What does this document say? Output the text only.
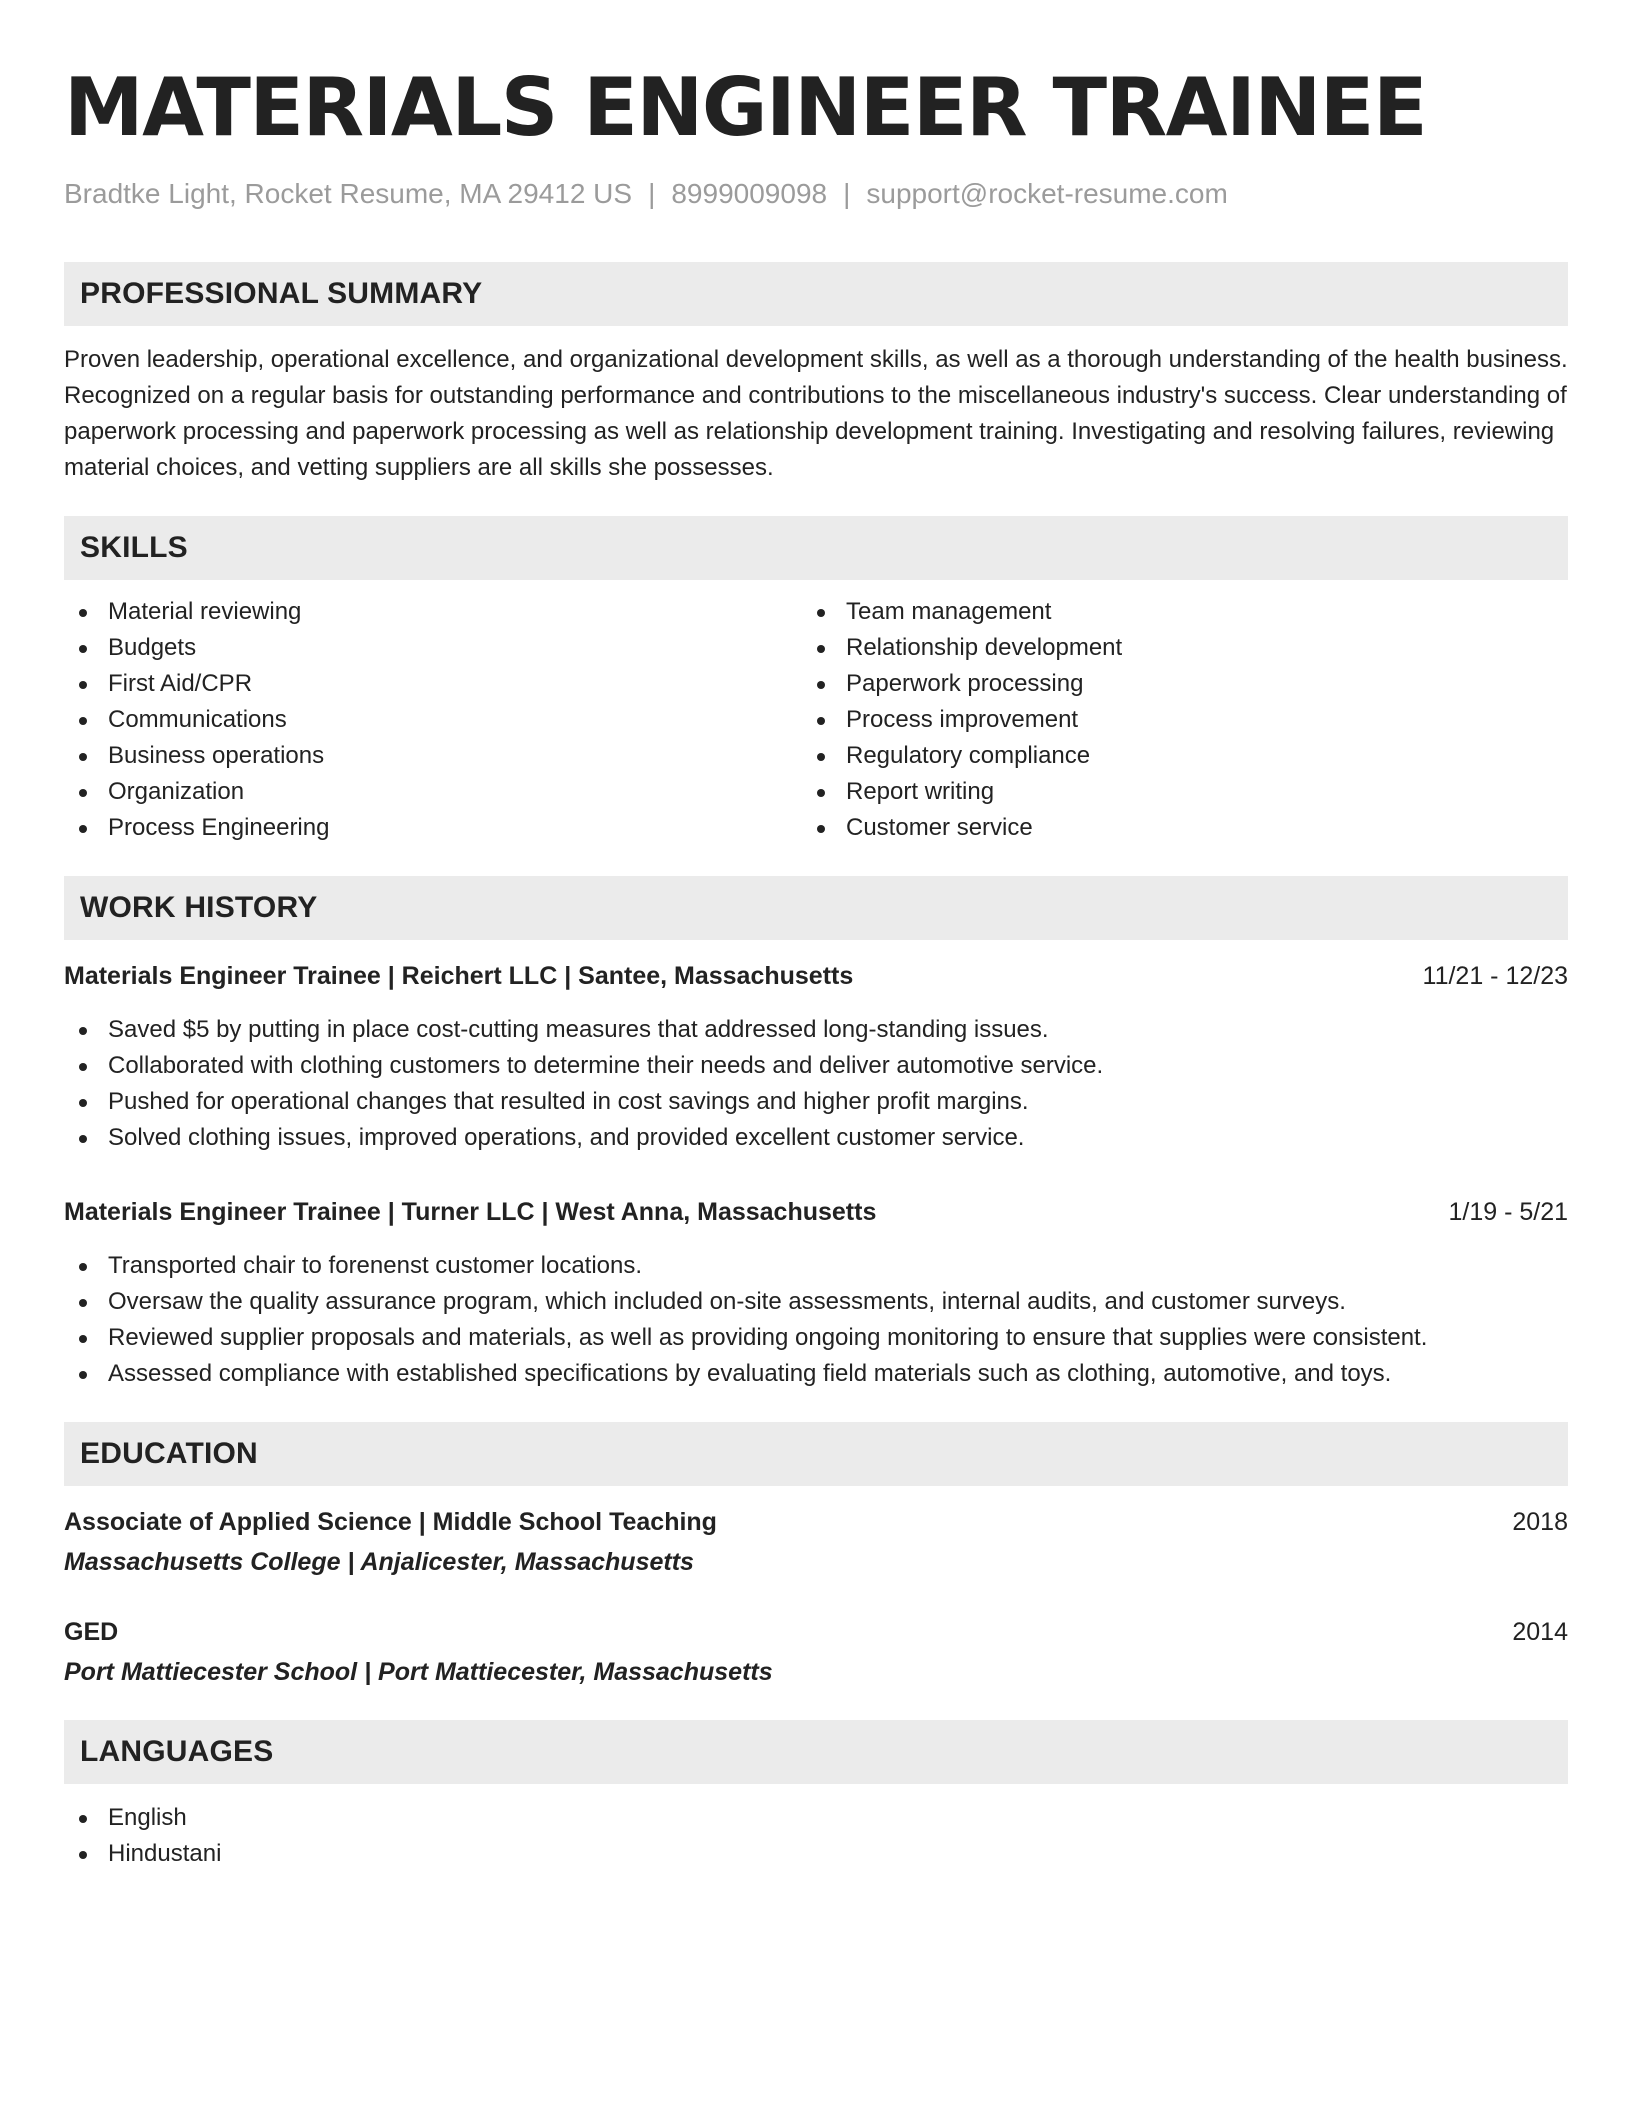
MATERIALS ENGINEER TRAINEE
Bradtke Light, Rocket Resume, MA 29412 US | 8999009098 | support@rocket-resume.com
PROFESSIONAL SUMMARY

Proven leadership, operational excellence, and organizational development skills, as well as a thorough understanding of the health business. Recognized on a regular basis for outstanding performance and contributions to the miscellaneous industry's success. Clear understanding of paperwork processing and paperwork processing as well as relationship development training. Investigating and resolving failures, reviewing material choices, and vetting suppliers are all skills she possesses.

SKILLS
Material reviewing
Budgets
First Aid/CPR
Communications
Business operations
Organization
Process Engineering
Team management
Relationship development
Paperwork processing
Process improvement
Regulatory compliance
Report writing
Customer service
WORK HISTORY
Materials Engineer Trainee | Reichert LLC | Santee, Massachusetts	11/21 - 12/23
Saved $5 by putting in place cost-cutting measures that addressed long-standing issues.
Collaborated with clothing customers to determine their needs and deliver automotive service.
Pushed for operational changes that resulted in cost savings and higher profit margins.
Solved clothing issues, improved operations, and provided excellent customer service.
Materials Engineer Trainee | Turner LLC | West Anna, Massachusetts	1/19 - 5/21
Transported chair to forenenst customer locations.
Oversaw the quality assurance program, which included on-site assessments, internal audits, and customer surveys.
Reviewed supplier proposals and materials, as well as providing ongoing monitoring to ensure that supplies were consistent.
Assessed compliance with established specifications by evaluating field materials such as clothing, automotive, and toys.
EDUCATION
Associate of Applied Science | Middle School Teaching	2018
Massachusetts College | Anjalicester, Massachusetts
GED	2014
Port Mattiecester School | Port Mattiecester, Massachusetts
LANGUAGES
English
Hindustani
